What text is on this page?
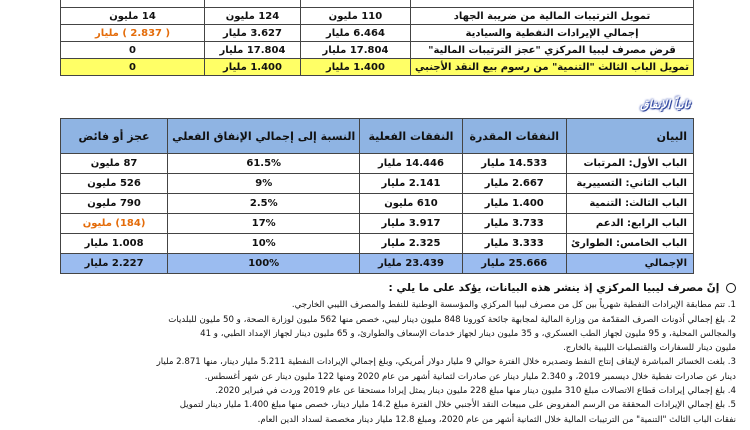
تمويل الترتيبات المالية من ضريبة الجهاد	110 مليون	124 مليون	14 مليون
إجمالي الإيرادات النفطية والسيادية	6.464 مليار	3.627 مليار	( 2.837 ) مليار
قرض مصرف ليبيا المركزي "عجز الترتيبات المالية"	17.804 مليار	17.804 مليار	0
تمويل الباب الثالث "التنمية" من رسوم بيع النقد الأجنبي	1.400 مليار	1.400 مليار	0
ثانياً الإنفاق
البيان	النفقات المقدرة	النفقات الفعلية	النسبة إلى إجمالي الإنفاق الفعلي	عجز أو فائض
الباب الأول: المرتبات	14.533 مليار	14.446 مليار	61.5%	87 مليون
الباب الثاني: التسييرية	2.667 مليار	2.141 مليار	9%	526 مليون
الباب الثالث: التنمية	1.400 مليار	610 مليون	2.5%	790 مليون
الباب الرابع: الدعم	3.733 مليار	3.917 مليار	17%	(184) مليون
الباب الخامس: الطوارئ	3.333 مليار	2.325 مليار	10%	1.008 مليار
الإجمالي	25.666 مليار	23.439 مليار	100%	2.227 مليار
إنّ مصرف ليبيا المركزي إذ ينشر هذه البيانات، يؤكد على ما يلي :
1. تتم مطابقة الإيرادات النفطية شهرياً بين كل من مصرف ليبيا المركزي والمؤسسة الوطنية للنفط والمصرف الليبي الخارجي.
2. بلغ إجمالي أذونات الصرف المقدّمة من وزارة المالية لمجابهة جائحة كورونا 848 مليون دينار ليبي، خصص منها 562 مليون لوزارة الصحة، و 50 مليون للبلديات
والمجالس المحلية، و 95 مليون لجهاز الطب العسكري، و 35 مليون دينار لجهاز خدمات الإسعاف والطوارئ، و 65 مليون دينار لجهاز الإمداد الطبي، و 41
مليون دينار للسفارات والقنصليات الليبية بالخارج.
3. بلغت الخسائر المباشرة لإيقاف إنتاج النفط وتصديره خلال الفترة حوالي 9 مليار دولار أمريكي، وبلغ إجمالي الإيرادات النفطية 5.211 مليار دينار، منها 2.871 مليار
دينار عن صادرات نفطية خلال ديسمبر 2019، و 2.340 مليار دينار عن صادرات لثمانية أشهر من عام 2020 ومنها 122 مليون دينار عن شهر أغسطس.
4. بلغ إجمالي إيرادات قطاع الاتصالات مبلغ 310 مليون دينار منها مبلغ 228 مليون دينار يمثل إيرادا مستحقا عن عام 2019 وردت في فبراير 2020.
5. بلغ إجمالي الإيرادات المحققة من الرسم المفروض على مبيعات النقد الأجنبي خلال الفترة مبلغ 14.2 مليار دينار، خصص منها مبلغ 1.400 مليار دينار لتمويل
نفقات الباب الثالث "التنمية" من الترتيبات المالية خلال الثمانية أشهر من عام 2020، ومبلغ 12.8 مليار دينار مخصصة لسداد الدين العام.
